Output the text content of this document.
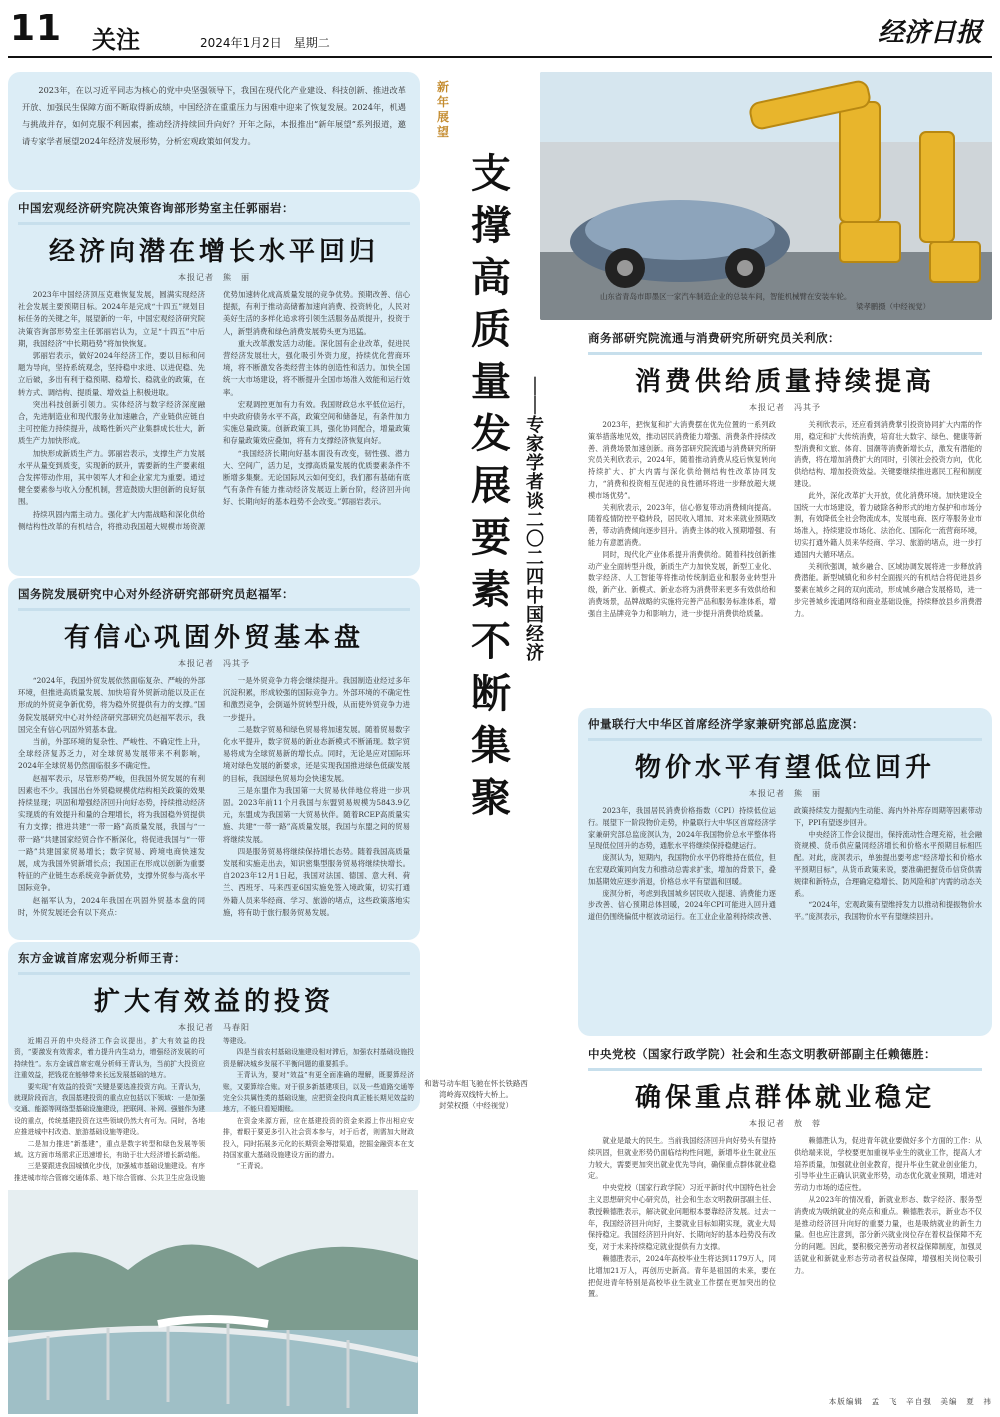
11 关注	2024年1月2日　星期二	经济日报
2023年，在以习近平同志为核心的党中央坚强领导下，我国在现代化产业建设、科技创新、推进改革开放、加强民生保障方面不断取得新成绩，中国经济在重重压力与困难中迎来了恢复发展。2024年，机遇与挑战并存，如何克服不利因素，推动经济持续回升向好？开年之际，本报推出“新年展望”系列报道，邀请专家学者展望2024年经济发展形势，分析宏观政策如何发力。
新
年
展
望
支
撑
高
质
量
发
展
要
素
不
断
集
聚
｜
｜
专
家
学
者
谈
二
〇
二
四
中
国
经
济
山东省青岛市即墨区一家汽车制造企业的总装车间，智能机械臂在安装车轮。
梁孝鹏摄（中经视觉）
中国宏观经济研究院决策咨询部形势室主任郭丽岩：
经济向潜在增长水平回归
本报记者　熊　丽

2023年中国经济顶压克难恢复发展，圆满实现经济社会发展主要预期目标。2024年是完成“十四五”规划目标任务的关键之年，展望新的一年，中国宏观经济研究院决策咨询部形势室主任郭丽岩认为，立足“十四五”中后期，我国经济“中长期趋势”将加快恢复。

郭丽岩表示，做好2024年经济工作，要以目标和问题为导向，坚持系统观念，坚持稳中求进、以进促稳、先立后破，多出有利于稳预期、稳增长、稳就业的政策，在转方式、调结构、提质量、增效益上积极进取。

突出科技创新引领力。实体经济与数字经济深度融合，先进制造业和现代服务业加速融合，产业链供应链自主可控能力持续提升，战略性新兴产业集群成长壮大，新质生产力加快形成。

加快形成新质生产力。郭丽岩表示，支撑生产力发展水平从量变到质变，实现新的跃升，需要新的生产要素组合发挥带动作用，其中领军人才和企业家尤为重要。通过健全要素参与收入分配机制，营造鼓励大胆创新的良好氛围。

持续巩固内需主动力。强化扩大内需战略和深化供给侧结构性改革的有机结合，将推动我国超大规模市场资源优势加速转化成高质量发展的竞争优势。预期改善、信心提振，有利于推动高储蓄加速向消费、投资转化，人民对美好生活的多样化追求将引领生活服务品质提升，投资于人，新型消费和绿色消费发展势头更为迅猛。

重大改革激发活力动能。深化国有企业改革，促进民营经济发展壮大，强化吸引外资力度，持续优化营商环境，将不断激发各类经营主体的创造性和活力。加快全国统一大市场建设，将不断提升全国市场准入效能和运行效率。

宏观调控更加有力有效。我国财政总水平低位运行，中央政府债务水平不高，政策空间和储备足，有条件加力实施总量政策。创新政策工具，强化协同配合，增量政策和存量政策效应叠加，将有力支撑经济恢复向好。

“我国经济长期向好基本面没有改变，韧性强、潜力大、空间广，活力足，支撑高质量发展的优质要素条件不断增多集聚。无论国际风云如何变幻，我们都有基础有底气有条件有能力推动经济发展迈上新台阶，经济回升向好、长期向好的基本趋势不会改变。”郭丽岩表示。

国务院发展研究中心对外经济研究部研究员赵福军：
有信心巩固外贸基本盘
本报记者　冯其予

“2024年，我国外贸发展依然面临复杂、严峻的外部环境，但推进高质量发展、加快培育外贸新动能以及正在形成的外贸竞争新优势，将为稳外贸提供有力的支撑。”国务院发展研究中心对外经济研究部研究员赵福军表示，我国完全有信心巩固外贸基本盘。

当前，外部环境的复杂性、严峻性、不确定性上升，全球经济复苏乏力，对全球贸易发展带来不利影响，2024年全球贸易仍然面临很多不确定性。

赵福军表示，尽管形势严峻，但我国外贸发展的有利因素也不少。我国出台外贸稳规模优结构相关政策的效果持续显现；巩固和增强经济回升向好态势，持续推动经济实现质的有效提升和量的合理增长，将为我国稳外贸提供有力支撑；推进共建“一带一路”高质量发展，我国与“一带一路”共建国家经贸合作不断深化，将促进我国与“一带一路”共建国家贸易增长；数字贸易、跨境电商快速发展，成为我国外贸新增长点；我国正在形成以创新为重要特征的产业链生态系统竞争新优势，支撑外贸参与高水平国际竞争。

赵福军认为，2024年我国在巩固外贸基本盘的同时，外贸发展还会有以下亮点：

一是外贸竞争力将会继续提升。我国制造业经过多年沉淀积累，形成较强的国际竞争力。外部环境的不确定性和激烈竞争，会倒逼外贸转型升级，从而使外贸竞争力进一步提升。

二是数字贸易和绿色贸易将加速发展。随着贸易数字化水平提升，数字贸易的新业态新模式不断涌现。数字贸易将成为全球贸易新的增长点。同时，无论是应对国际环境对绿色发展的新要求，还是实现我国推进绿色低碳发展的目标，我国绿色贸易均会快速发展。

三是东盟作为我国第一大贸易伙伴地位将进一步巩固。2023年前11个月我国与东盟贸易规模为5843.9亿元，东盟成为我国第一大贸易伙伴。随着RCEP高质量实施、共建“一带一路”高质量发展，我国与东盟之间的贸易将继续发展。

四是服务贸易将继续保持增长态势。随着我国高质量发展和实施走出去，知识密集型服务贸易将继续快增长。自2023年12月1日起，我国对法国、德国、意大利、荷兰、西班牙、马来西亚6国实施免签入境政策，切实打通外籍人员来华经商、学习、旅游的堵点，这些政策落地实施，将有助于旅行服务贸易发展。

东方金诚首席宏观分析师王青：
扩大有效益的投资
本报记者　马春阳

近期召开的中央经济工作会议提出，扩大有效益的投资，“要激发有效需求，着力提升内生动力，增强经济发展的可持续性”。东方金诚首席宏观分析师王青认为，当前扩大投资应注重效益，把钱花在能够带来长远发展基础的地方。

要实现“有效益的投资”关键是要选准投资方向。王青认为，就现阶段而言，我国基建投资的重点应包括以下领域：一是加强交通、能源等网络型基础设施建设，把联网、补网、强链作为建设的重点，传统基建投资在这些领域仍然大有可为。同时，各地应推进城中村改造、旅游基础设施等建设。

二是加力推进“新基建”，重点是数字转型和绿色发展等领域。这方面市场需求正迅速增长，有助于壮大经济增长新动能。

三是要跟进我国城镇化步伐，加强城市基础设施建设。有序推进城市综合管廊交通体系、地下综合管廊、公共卫生应急设施等建设。

四是当前农村基础设施建设相对滞后，加强农村基础设施投资是解决城乡发展不平衡问题的重要抓手。

王青认为，要对“效益”有更全面准确的理解，既要算经济账，又要算综合账。对于很多新基建项目，以及一些道路交通等完全公共属性类的基础设施，应把资金投向真正能长期见效益的地方，不能只看短期账。

在资金来源方面，应在基建投资的资金来源上作出相应安排，着眼于要更多引入社会资本参与，对于后者，则需加大财政投入，同时拓展多元化的长期资金筹措渠道，挖掘金融资本在支持国家重大基础设施建设方面的潜力。

“王青说。

和谐号动车组飞驰在怀长铁路西湾岭海双线特大桥上。
封荣权摄（中经视觉）
商务部研究院流通与消费研究所研究员关利欣：
消费供给质量持续提高
本报记者　冯其予

2023年，把恢复和扩大消费摆在优先位置的一系列政策举措落地见效，推动居民消费能力增强、消费条件持续改善、消费场景加速创新。商务部研究院流通与消费研究所研究员关利欣表示，2024年，随着推动消费从疫后恢复转向持续扩大、扩大内需与深化供给侧结构性改革协同发力，“消费和投资相互促进的良性循环将进一步释放超大规模市场优势”。

关利欣表示，2023年，信心修复带动消费倾向提高。随着疫情防控平稳转段，居民收入增加、对未来就业预期改善，带动消费倾向逐步回升。消费主体的收入预期增强、有能力有意愿消费。

同时，现代化产业体系提升消费供给。随着科技创新推动产业全面转型升级，新质生产力加快发展，新型工业化、数字经济、人工智能等将推动传统制造业和服务业转型升级，新产业、新模式、新业态将为消费带来更多有效供给和消费场景，品牌战略的实施将完善产品和服务标准体系，增强自主品牌竞争力和影响力，进一步提升消费供给质量。

关利欣表示，还应看到消费掌引投资协同扩大内需的作用，稳定和扩大传统消费，培育壮大数字、绿色、健康等新型消费和文旅、体育、国潮等消费新增长点，激发有潜能的消费，将在增加消费扩大的同时，引领社会投资方向，优化供给结构、增加投资效益。关键要继续推进惠民工程和制度建设。

此外，深化改革扩大开放，优化消费环境。加快建设全国统一大市场建设，着力破除各种形式的地方保护和市场分割，有效降低全社会物流成本，发展电商、医疗等服务业市场准入，持续建设市场化、法治化、国际化一流营商环境，切实打通外籍人员来华经商、学习、旅游的堵点，进一步打通国内大循环堵点。

关利欣强调，城乡融合、区域协调发展将进一步释放消费潜能。新型城镇化和乡村全面振兴的有机结合将促进县乡要素在城乡之间的双向流动，形成城乡融合发展格局，进一步完善城乡流通网络和商业基础设施，持续释放县乡消费潜力。

仲量联行大中华区首席经济学家兼研究部总监庞溟：
物价水平有望低位回升
本报记者　熊　丽

2023年，我国居民消费价格指数（CPI）持续低位运行。展望下一阶段物价走势，仲量联行大中华区首席经济学家兼研究部总监庞溟认为，2024年我国物价总水平整体将呈现低位回升的态势，通胀水平将继续保持稳健运行。

庞溟认为，短期内，我国物价水平仍将维持在低位，但在宏观政策同向发力和推动总需求扩张，增加的背景下，叠加基期效应逐步消退，价格总水平有望温和回暖。

庞溟分析，考虑到我国城乡居民收入提速、消费能力逐步改善、信心预期总体回暖，2024年CPI可能进入回升通道但仍围绕偏低中枢波动运行。在工业企业盈利持续改善、政策持续发力提振内生动能、海内外补库存周期等因素带动下，PPI有望逐步回升。

中央经济工作会议提出，保持流动性合理充裕，社会融资规模、货币供应量同经济增长和价格水平预期目标相匹配。对此，庞溟表示，单独提出要考虑“经济增长和价格水平预期目标”，从货币政策来说，要准确把握货币信贷供需规律和新特点，合理确定稳增长、防风险和扩内需的动态关系。

“2024年，宏观政策有望维持发力以推动和提振物价水平。”庞溟表示，我国物价水平有望继续回升。

中央党校（国家行政学院）社会和生态文明教研部副主任赖德胜：
确保重点群体就业稳定
本报记者　敖　蓉

就业是最大的民生。当前我国经济回升向好势头有望持续巩固，但就业形势仍面临结构性问题，新增毕业生就业压力较大，需要更加突出就业优先导向，确保重点群体就业稳定。

中央党校（国家行政学院）习近平新时代中国特色社会主义思想研究中心研究员，社会和生态文明教研部副主任、教授赖德胜表示，解决就业问题根本要靠经济发展。过去一年，我国经济回升向好，主要就业目标如期实现，就业大局保持稳定。我国经济回升向好、长期向好的基本趋势没有改变，对于未来持续稳定就业提供有力支撑。

赖德胜表示，2024年高校毕业生将达到1179万人，同比增加21万人，再创历史新高。青年是祖国的未来，要在把促进青年特别是高校毕业生就业工作摆在更加突出的位置。

赖德胜认为，促进青年就业要做好多个方面的工作：从供给端来说，学校要更加重视毕业生的就业工作，提高人才培养质量，加强就业创业教育，提升毕业生就业创业能力，引导毕业生正确认识就业形势，动态优化就业预期，增进对劳动力市场的适应性。

从2023年的情况看，新就业形态、数字经济、服务型消费成为吸纳就业的亮点和重点。赖德胜表示，新业态不仅是推动经济回升向好的重要力量，也是吸纳就业的新生力量。但也应注意到，部分新兴就业岗位存在着权益保障不充分的问题。因此，要积极完善劳动者权益保障制度，加强灵活就业和新就业形态劳动者权益保障，增强相关岗位吸引力。

本版编辑　孟　飞　辛自强　美编　夏　祎
